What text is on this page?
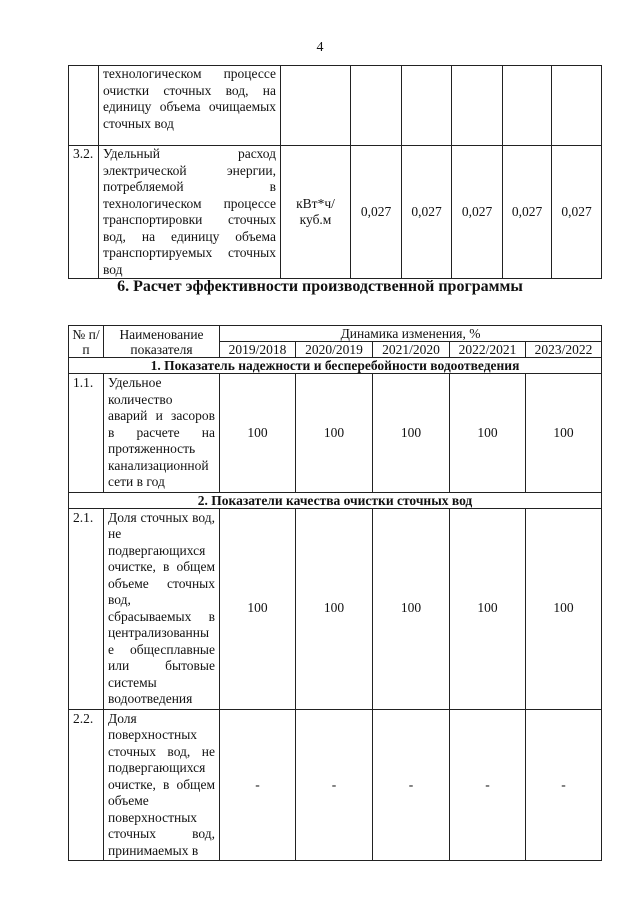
4
	технологическом процессе очистки сточных вод, на единицу объема очищаемых сточных вод						
3.2.	Удельный расход электрической энергии, потребляемой в технологическом процессе транспортировки сточных вод, на единицу объема транспортируемых сточных вод	кВт*ч/ куб.м	0,027	0,027	0,027	0,027	0,027
6. Расчет эффективности производственной программы
№ п/п	Наименование показателя	Динамика изменения, %				
		2019/2018	2020/2019	2021/2020	2022/2021	2023/2022
1. Показатель надежности и бесперебойности водоотведения						
1.1.	Удельное количество аварий и засоров в расчете на протяженность канализационной сети в год	100	100	100	100	100
2. Показатели качества очистки сточных вод						
2.1.	Доля сточных вод, не подвергающихся очистке, в общем объеме сточных вод, сбрасываемых в централизованны е общесплавные или бытовые системы водоотведения	100	100	100	100	100
2.2.	Доля поверхностных сточных вод, не подвергающихся очистке, в общем объеме поверхностных сточных вод, принимаемых в	-	-	-	-	-
